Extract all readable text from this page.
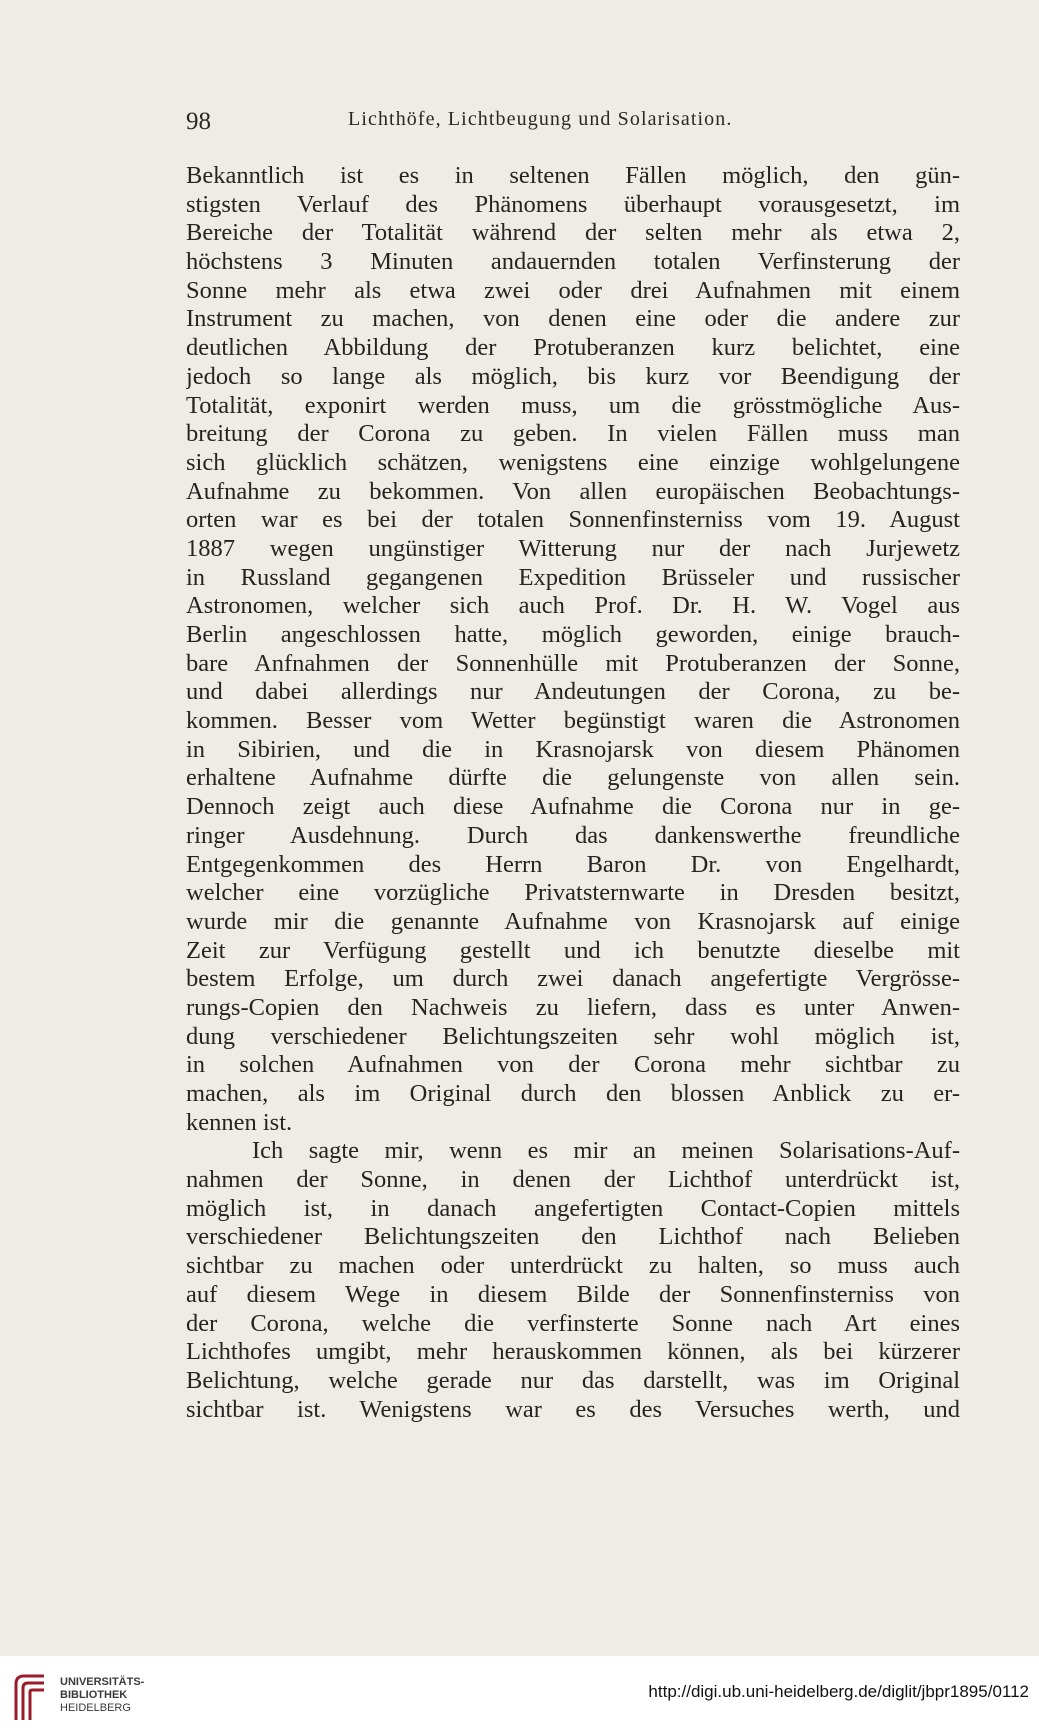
98	Lichthöfe, Lichtbeugung und Solarisation.
Bekanntlich ist es in seltenen Fällen möglich, den gün-
stigsten Verlauf des Phänomens überhaupt vorausgesetzt, im
Bereiche der Totalität während der selten mehr als etwa 2,
höchstens 3 Minuten andauernden totalen Verfinsterung der
Sonne mehr als etwa zwei oder drei Aufnahmen mit einem
Instrument zu machen, von denen eine oder die andere zur
deutlichen Abbildung der Protuberanzen kurz belichtet, eine
jedoch so lange als möglich, bis kurz vor Beendigung der
Totalität, exponirt werden muss, um die grösstmögliche Aus-
breitung der Corona zu geben. In vielen Fällen muss man
sich glücklich schätzen, wenigstens eine einzige wohlgelungene
Aufnahme zu bekommen. Von allen europäischen Beobachtungs-
orten war es bei der totalen Sonnenfinsterniss vom 19. August
1887 wegen ungünstiger Witterung nur der nach Jurjewetz
in Russland gegangenen Expedition Brüsseler und russischer
Astronomen, welcher sich auch Prof. Dr. H. W. Vogel aus
Berlin angeschlossen hatte, möglich geworden, einige brauch-
bare Anfnahmen der Sonnenhülle mit Protuberanzen der Sonne,
und dabei allerdings nur Andeutungen der Corona, zu be-
kommen. Besser vom Wetter begünstigt waren die Astronomen
in Sibirien, und die in Krasnojarsk von diesem Phänomen
erhaltene Aufnahme dürfte die gelungenste von allen sein.
Dennoch zeigt auch diese Aufnahme die Corona nur in ge-
ringer Ausdehnung. Durch das dankenswerthe freundliche
Entgegenkommen des Herrn Baron Dr. von Engelhardt,
welcher eine vorzügliche Privatsternwarte in Dresden besitzt,
wurde mir die genannte Aufnahme von Krasnojarsk auf einige
Zeit zur Verfügung gestellt und ich benutzte dieselbe mit
bestem Erfolge, um durch zwei danach angefertigte Vergrösse-
rungs-Copien den Nachweis zu liefern, dass es unter Anwen-
dung verschiedener Belichtungszeiten sehr wohl möglich ist,
in solchen Aufnahmen von der Corona mehr sichtbar zu
machen, als im Original durch den blossen Anblick zu er-
kennen ist.
Ich sagte mir, wenn es mir an meinen Solarisations-Auf-
nahmen der Sonne, in denen der Lichthof unterdrückt ist,
möglich ist, in danach angefertigten Contact-Copien mittels
verschiedener Belichtungszeiten den Lichthof nach Belieben
sichtbar zu machen oder unterdrückt zu halten, so muss auch
auf diesem Wege in diesem Bilde der Sonnenfinsterniss von
der Corona, welche die verfinsterte Sonne nach Art eines
Lichthofes umgibt, mehr herauskommen können, als bei kürzerer
Belichtung, welche gerade nur das darstellt, was im Original
sichtbar ist. Wenigstens war es des Versuches werth, und
UNIVERSITÄTS-
BIBLIOTHEK
HEIDELBERG
http://digi.ub.uni-heidelberg.de/diglit/jbpr1895/0112
